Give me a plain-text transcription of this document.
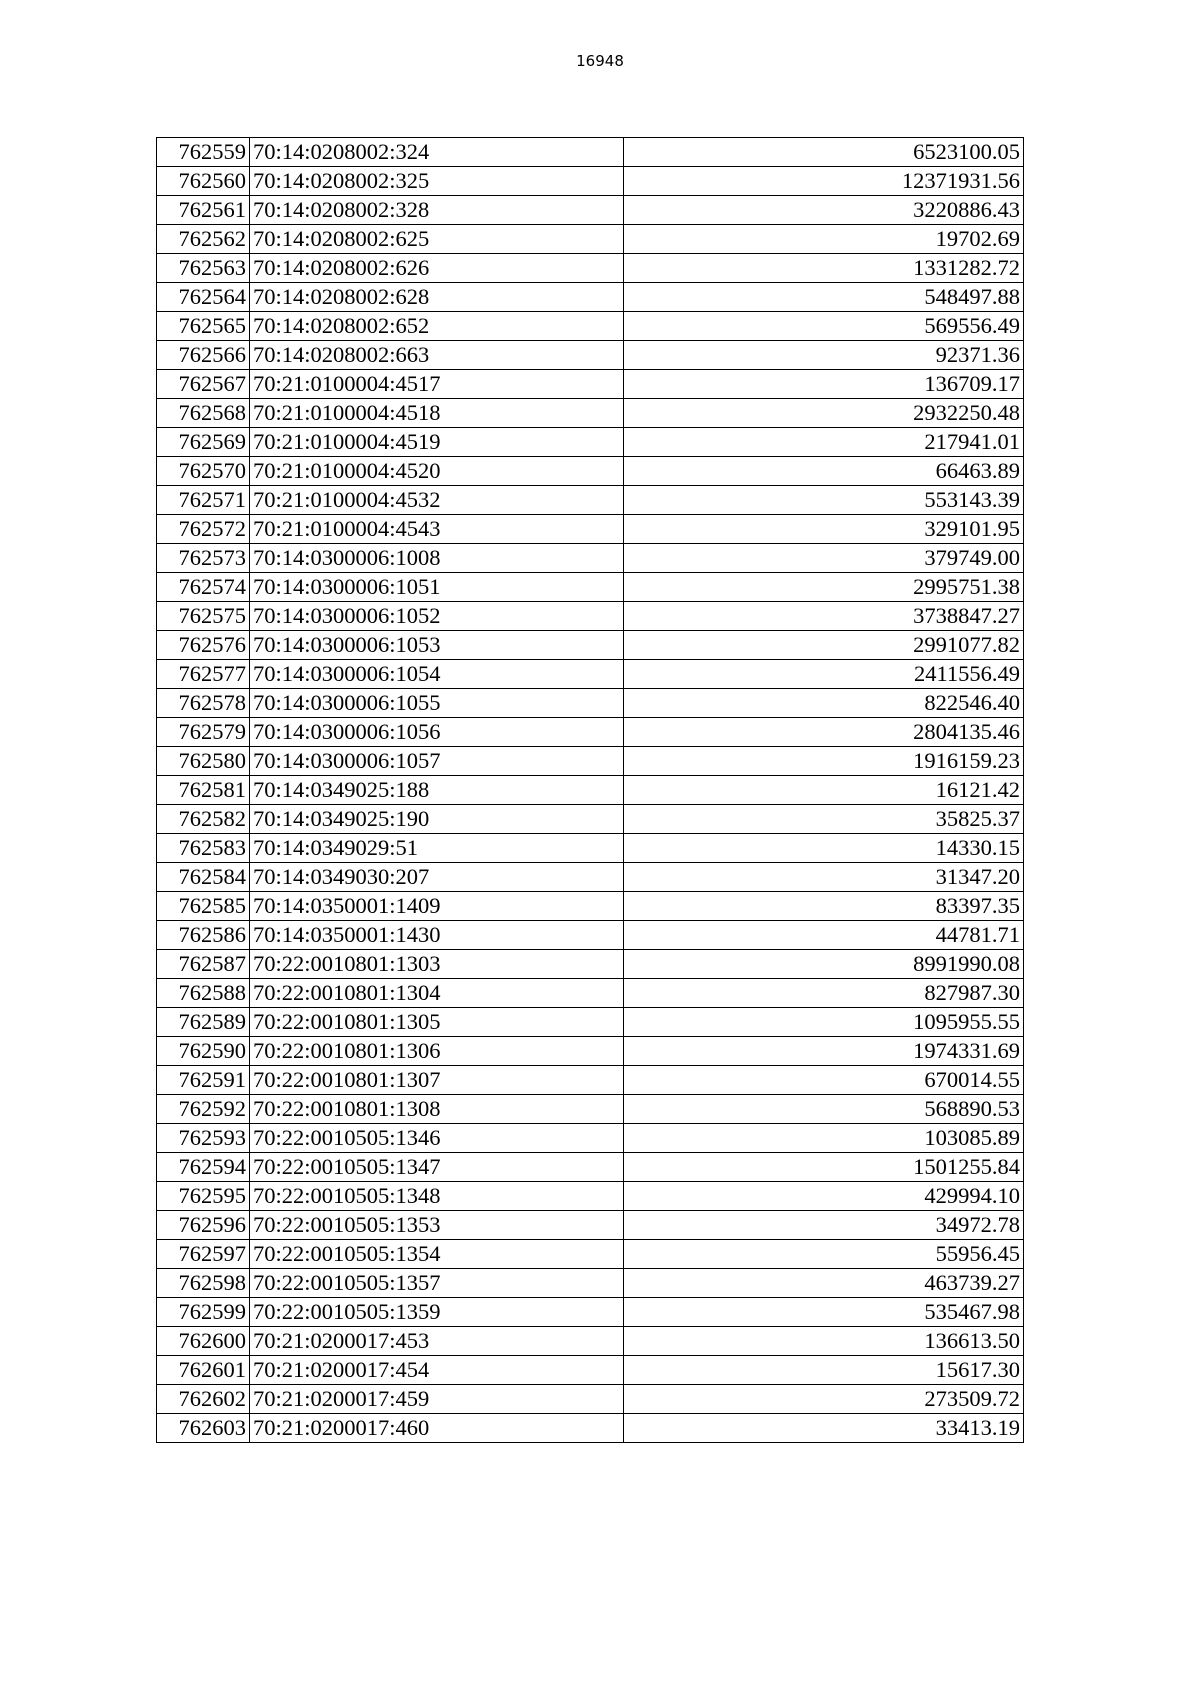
16948
762559	70:14:0208002:324	6523100.05
762560	70:14:0208002:325	12371931.56
762561	70:14:0208002:328	3220886.43
762562	70:14:0208002:625	19702.69
762563	70:14:0208002:626	1331282.72
762564	70:14:0208002:628	548497.88
762565	70:14:0208002:652	569556.49
762566	70:14:0208002:663	92371.36
762567	70:21:0100004:4517	136709.17
762568	70:21:0100004:4518	2932250.48
762569	70:21:0100004:4519	217941.01
762570	70:21:0100004:4520	66463.89
762571	70:21:0100004:4532	553143.39
762572	70:21:0100004:4543	329101.95
762573	70:14:0300006:1008	379749.00
762574	70:14:0300006:1051	2995751.38
762575	70:14:0300006:1052	3738847.27
762576	70:14:0300006:1053	2991077.82
762577	70:14:0300006:1054	2411556.49
762578	70:14:0300006:1055	822546.40
762579	70:14:0300006:1056	2804135.46
762580	70:14:0300006:1057	1916159.23
762581	70:14:0349025:188	16121.42
762582	70:14:0349025:190	35825.37
762583	70:14:0349029:51	14330.15
762584	70:14:0349030:207	31347.20
762585	70:14:0350001:1409	83397.35
762586	70:14:0350001:1430	44781.71
762587	70:22:0010801:1303	8991990.08
762588	70:22:0010801:1304	827987.30
762589	70:22:0010801:1305	1095955.55
762590	70:22:0010801:1306	1974331.69
762591	70:22:0010801:1307	670014.55
762592	70:22:0010801:1308	568890.53
762593	70:22:0010505:1346	103085.89
762594	70:22:0010505:1347	1501255.84
762595	70:22:0010505:1348	429994.10
762596	70:22:0010505:1353	34972.78
762597	70:22:0010505:1354	55956.45
762598	70:22:0010505:1357	463739.27
762599	70:22:0010505:1359	535467.98
762600	70:21:0200017:453	136613.50
762601	70:21:0200017:454	15617.30
762602	70:21:0200017:459	273509.72
762603	70:21:0200017:460	33413.19
